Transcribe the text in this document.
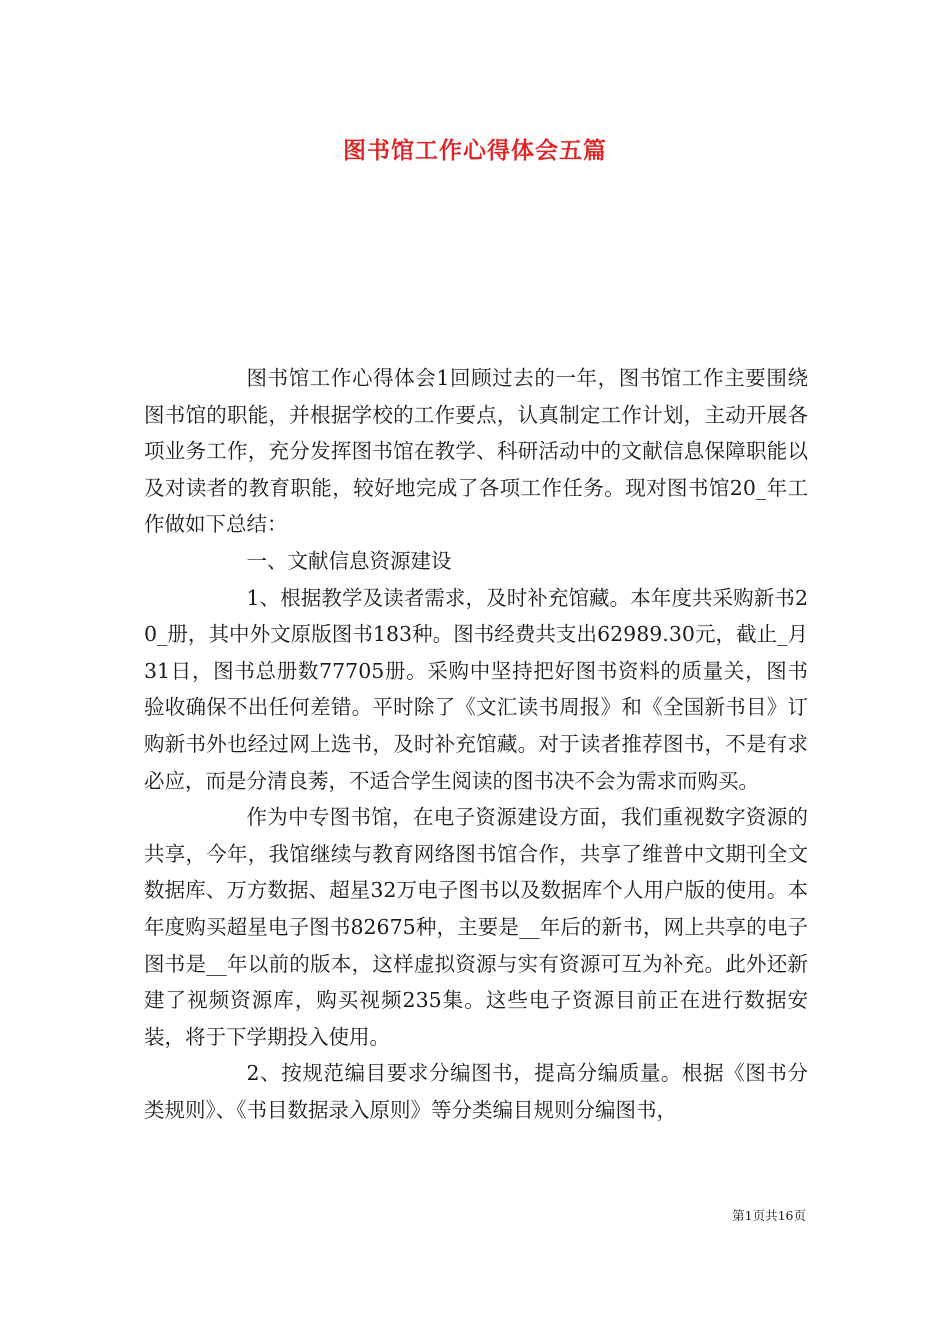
图书馆工作心得体会五篇

图书馆工作心得体会1回顾过去的一年，图书馆工作主要围绕图书馆的职能，并根据学校的工作要点，认真制定工作计划，主动开展各项业务工作，充分发挥图书馆在教学、科研活动中的文献信息保障职能以及对读者的教育职能，较好地完成了各项工作任务。现对图书馆20_年工作做如下总结：

一、文献信息资源建设

1、根据教学及读者需求，及时补充馆藏。本年度共采购新书20_册，其中外文原版图书183种。图书经费共支出62989.30元，截止_月31日，图书总册数77705册。采购中坚持把好图书资料的质量关，图书验收确保不出任何差错。平时除了《文汇读书周报》和《全国新书目》订购新书外也经过网上选书，及时补充馆藏。对于读者推荐图书，不是有求必应，而是分清良莠，不适合学生阅读的图书决不会为需求而购买。

作为中专图书馆，在电子资源建设方面，我们重视数字资源的共享，今年，我馆继续与教育网络图书馆合作，共享了维普中文期刊全文数据库、万方数据、超星32万电子图书以及数据库个人用户版的使用。本年度购买超星电子图书82675种，主要是__年后的新书，网上共享的电子图书是__年以前的版本，这样虚拟资源与实有资源可互为补充。此外还新建了视频资源库，购买视频235集。这些电子资源目前正在进行数据安装，将于下学期投入使用。

2、按规范编目要求分编图书，提高分编质量。根据《图书分类规则》、《书目数据录入原则》等分类编目规则分编图书，

第1页共16页
